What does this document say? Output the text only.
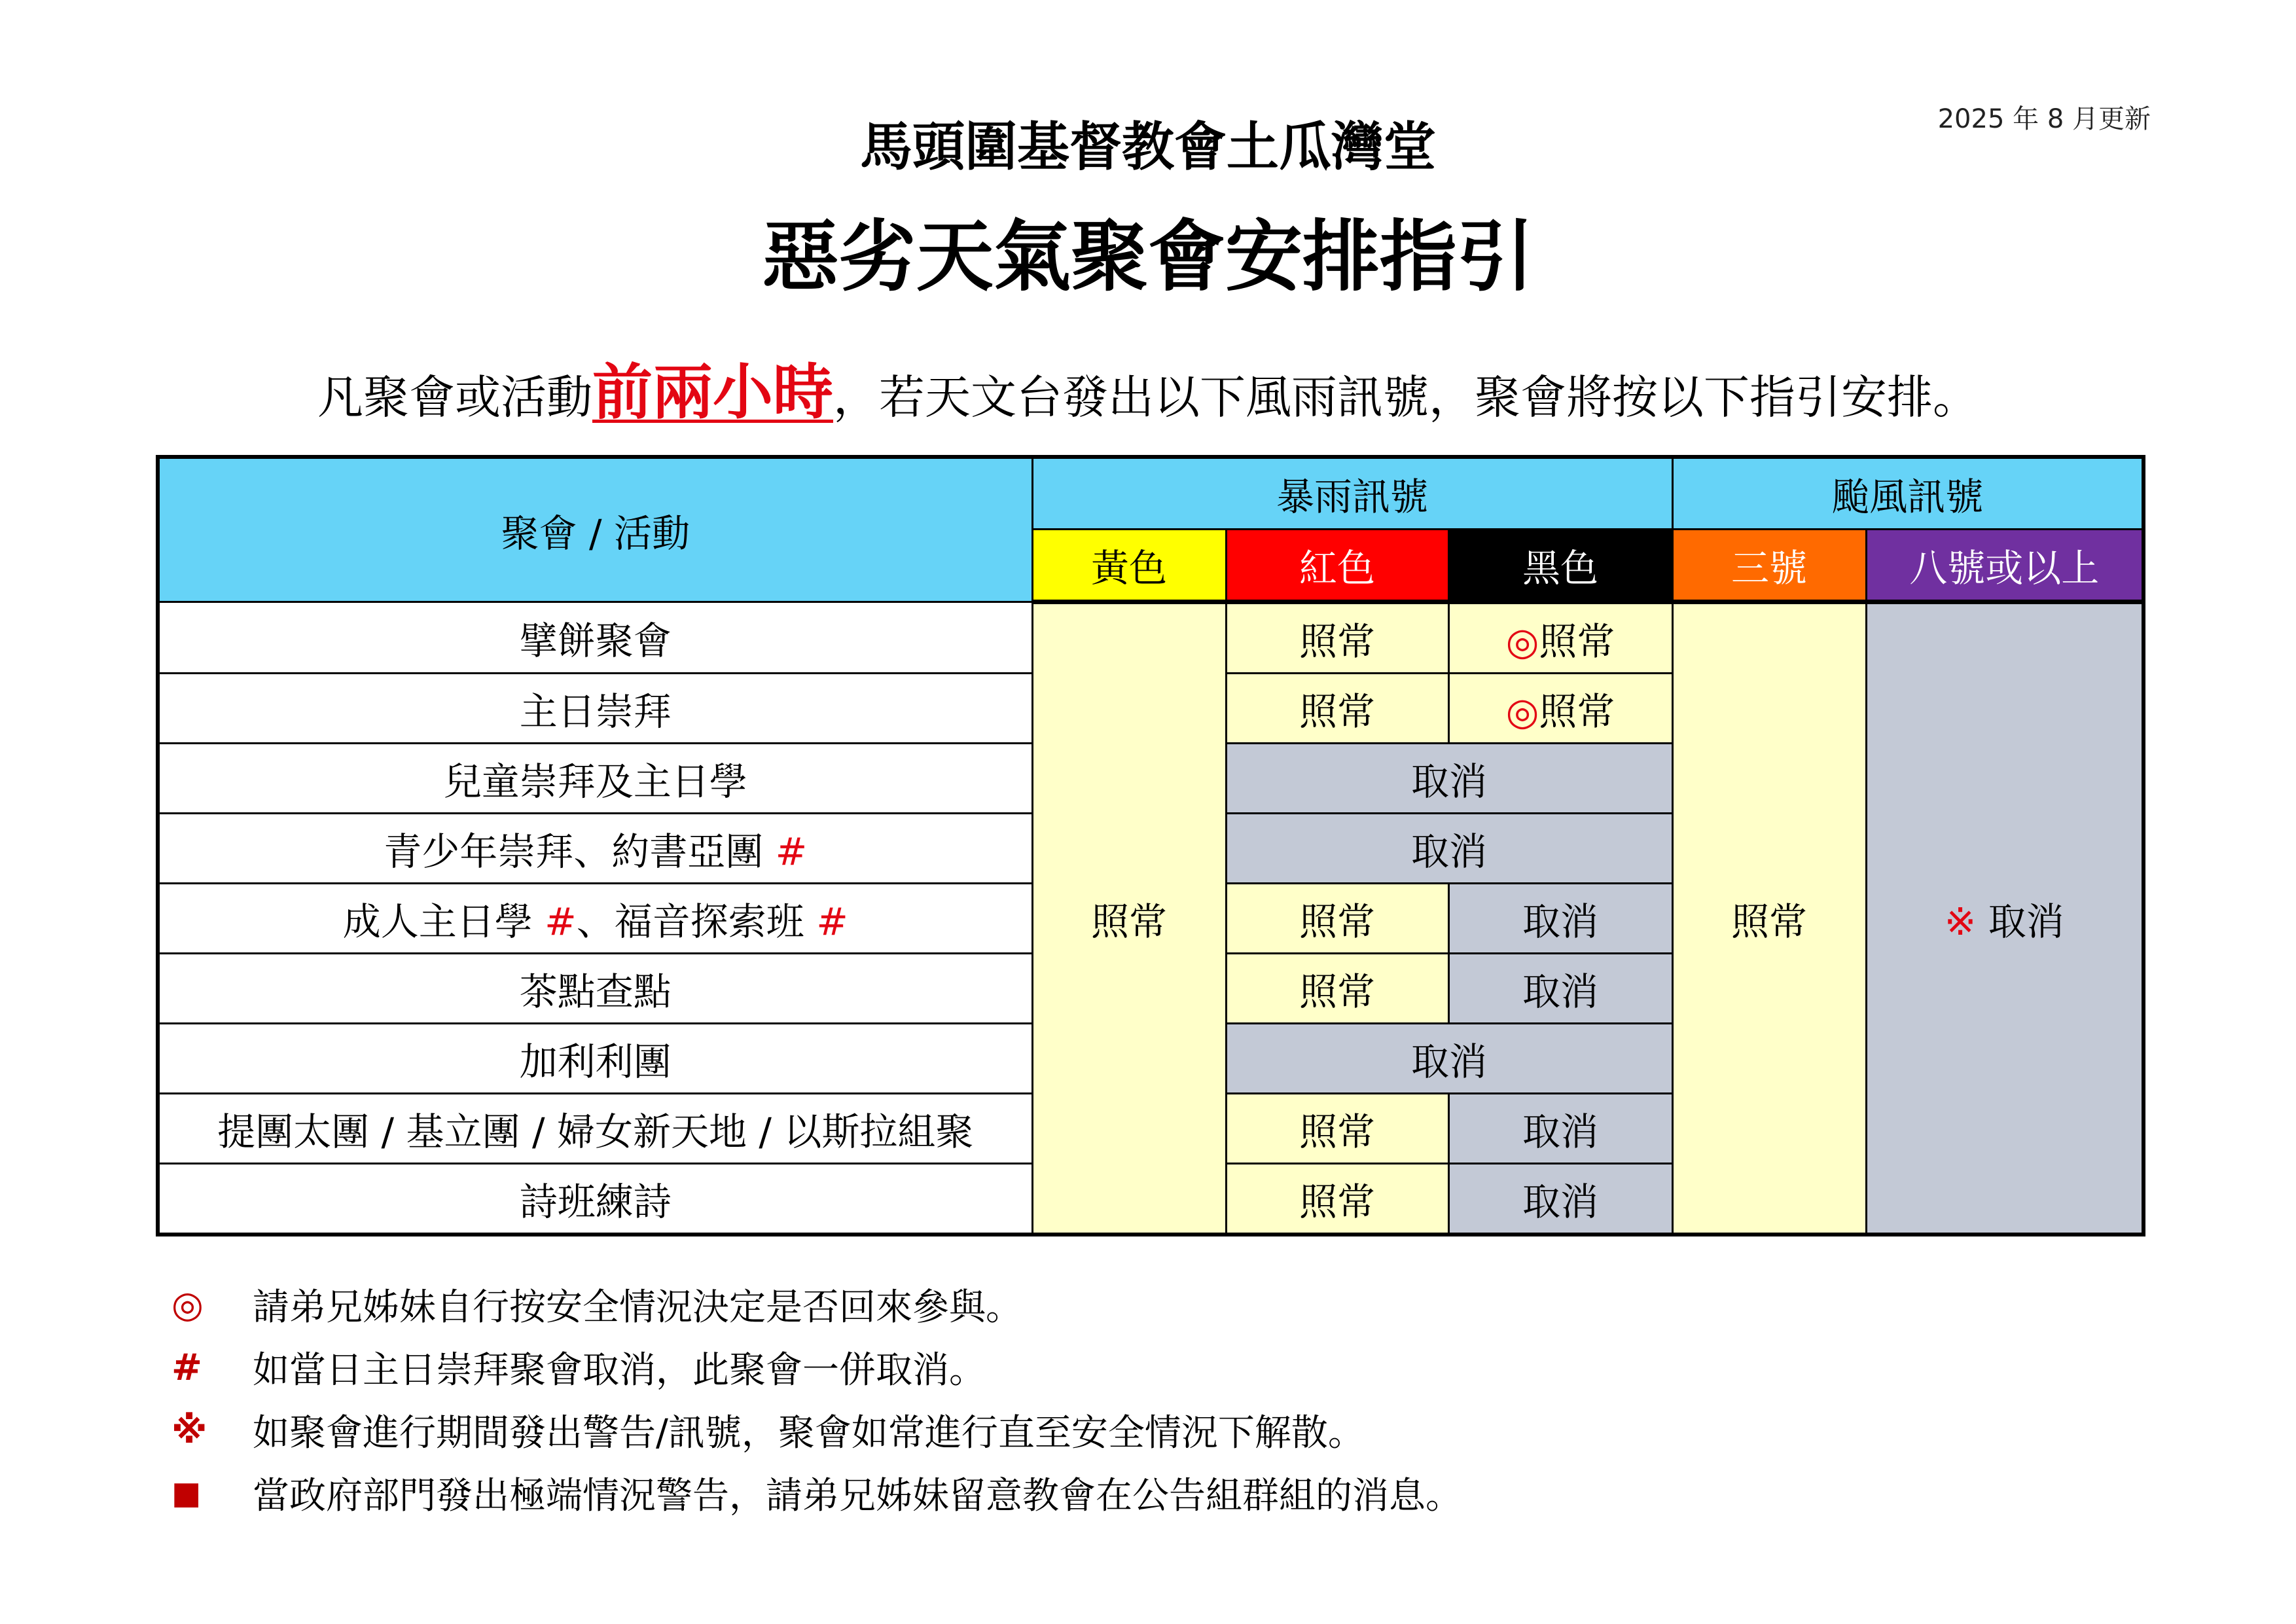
2025 年 8 月更新
馬頭圍基督教會土瓜灣堂
惡劣天氣聚會安排指引
凡聚會或活動前兩小時，若天文台發出以下風雨訊號，聚會將按以下指引安排。
聚會 / 活動	暴雨訊號			颱風訊號	
	黃色	紅色	黑色	三號	八號或以上
擘餅聚會	照常	照常	◎照常	照常	※ 取消
主日崇拜		照常	◎照常		
兒童崇拜及主日學		取消			
青少年崇拜、約書亞團 #		取消			
成人主日學 #、福音探索班 #		照常	取消		
茶點查點		照常	取消		
加利利團		取消			
提團太團 / 基立團 / 婦女新天地 / 以斯拉組聚		照常	取消		
詩班練詩		照常	取消		
◎	請弟兄姊妹自行按安全情況決定是否回來參與。
#	如當日主日崇拜聚會取消，此聚會一併取消。
※	如聚會進行期間發出警告/訊號，聚會如常進行直至安全情況下解散。
■	當政府部門發出極端情況警告，請弟兄姊妹留意教會在公告組群組的消息。
